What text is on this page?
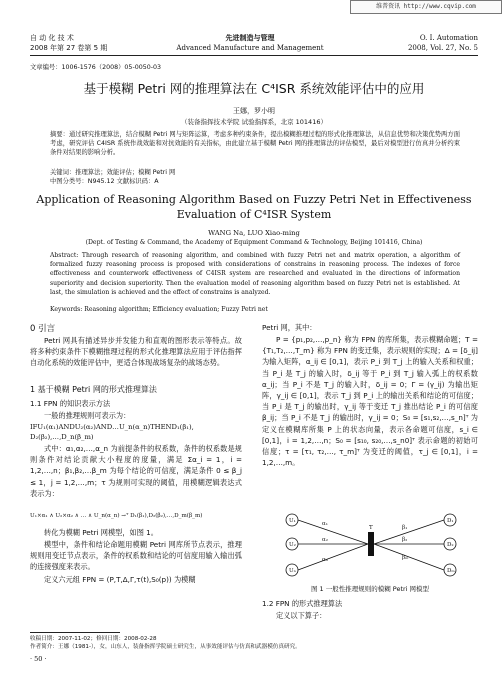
维普资讯 http://www.cqvip.com
自 动 化 技 术
2008 年第 27 卷第 5 期
先进制造与管理
Advanced Manufacture and Management
O. I. Automation
2008, Vol. 27, No. 5
文章编号：1006-1576（2008）05-0050-03
基于模糊 Petri 网的推理算法在 C⁴ISR 系统效能评估中的应用
王娜，罗小明
（装备指挥技术学院 试验指挥系，北京 101416）
摘要：通过研究推理算法，结合模糊 Petri 网与矩阵运算，考虑多种约束条件，提出模糊推理过程的形式化推理算法，从信息优势和决策优势两方面考虑，研究评估 C4ISR 系统作战效能和对抗效能的有关指标，由此建立基于模糊 Petri 网的推理算法的评估模型，最后对模型进行仿真并分析约束条件对结果的影响分析。
关键词：推理算法；效能评估；模糊 Petri 网
中图分类号：N945.12 文献标识码：A
Application of Reasoning Algorithm Based on Fuzzy Petri Net in Effectiveness
Evaluation of C⁴ISR System
WANG Na, LUO Xiao-ming
(Dept. of Testing & Command, the Academy of Equipment Command & Technology, Beijing 101416, China)
Abstract: Through research of reasoning algorithm, and combined with fuzzy Petri net and matrix operation, a algorithm of formalized fuzzy reasoning process is proposed with considerations of constrains in reasoning process. The indexes of force effectiveness and counterwork effectiveness of C4ISR system are researched and evaluated in the directions of information superiority and decision superiority. Then the evaluation model of reasoning algorithm based on fuzzy Petri net is established. At last, the simulation is achieved and the effect of constrains is analyzed.
Keywords: Reasoning algorithm; Efficiency evaluation; Fuzzy Petri net
0 引言
Petri 网具有描述异步并发能力和直观的图形表示等特点。故将多种约束条件下模糊推理过程的形式化推理算法应用于评估指挥自动化系统的效能评估中，更适合体现战场复杂的战场态势。
1 基于模糊 Petri 网的形式推理算法
1.1 FPN 的知识表示方法
一般的推理规则可表示为：
IFU₁(α₁)ANDU₂(α₂)AND…U_n(α_n)THEND₁(β₁),
D₂(β₂),…,D_n(β_m)
式中：α₁,α₂,…,α_n 为前提条件的权系数，条件的权系数是规则条件对结论贡献大小程度的度量，满足 Σα_i = 1，i = 1,2,…,n；β₁,β₂,…β_m 为每个结论的可信度，满足条件 0 ≤ β_j ≤ 1，j = 1,2,…,m；τ 为规则可实现的阈值，用模糊逻辑表达式表示为：
U₁×α₁ ∧ U₂×α₂ ∧ … ∧ U_n(α_n) →ᵀ D₁(β₁),D₂(β₂),…,D_m(β_m)
转化为模糊 Petri 网模型，如图 1。
模型中，条件和结论命题用模糊 Petri 网库所节点表示，推理规则用变迁节点表示，条件的权系数和结论的可信度用输入输出弧的连接强度来表示。
定义六元组 FPN = (P,T,Δ,Γ,τ(t),S₀(p)) 为模糊
Petri 网，其中：
P = {p₁,p₂,…,p_n} 称为 FPN 的库所集，表示模糊命题；T = {T₁,T₂,…,T_m} 称为 FPN 的变迁集，表示规则的实现；Δ = [δ_ij] 为输入矩阵，α_ij ∈ [0,1]，表示 P_i 到 T_j 上的输入关系和权重；当 P_i 是 T_j 的输入时，δ_ij 等于 P_i 到 T_j 输入弧上的权系数 α_ij；当 P_i 不是 T_j 的输入时，δ_ij = 0；Γ = (γ_ij) 为输出矩阵，γ_ij ∈ [0,1]，表示 T_j 到 P_i 上的输出关系和结论的可信度；当 P_i 是 T_j 的输出时，γ_ij 等于变迁 T_j 推出结论 P_i 的可信度 β_ij；当 P_i 不是 T_j 的输出时，γ_ij = 0；S₀ = [s₁,s₂,…,s_n]ᵀ 为定义在模糊库所集 P 上的状态向量，表示各命题可信度，s_i ∈ [0,1]，i = 1,2,…,n；S₀ = [s₁₀, s₂₀,…,s_n0]ᵀ 表示命题的初始可信度；τ = [τ₁, τ₂,…, τ_m]ᵀ 为变迁的阈值，τ_j ∈ [0,1]，i = 1,2,…,m。
U₁
U₂
Uₙ
D₁
D₂
Dₘ
α₁
α₂
αₙ
β₁
β₂
βₘ
T
图 1 一般性推理规则的模糊 Petri 网模型
1.2 FPN 的形式推理算法
定义以下算子：
收稿日期：2007-11-02；修回日期：2008-02-28
作者简介：王娜（1981-），女，山东人，装备指挥学院硕士研究生，从事效能评估与仿真和武器模仿真研究。
· 50 ·
